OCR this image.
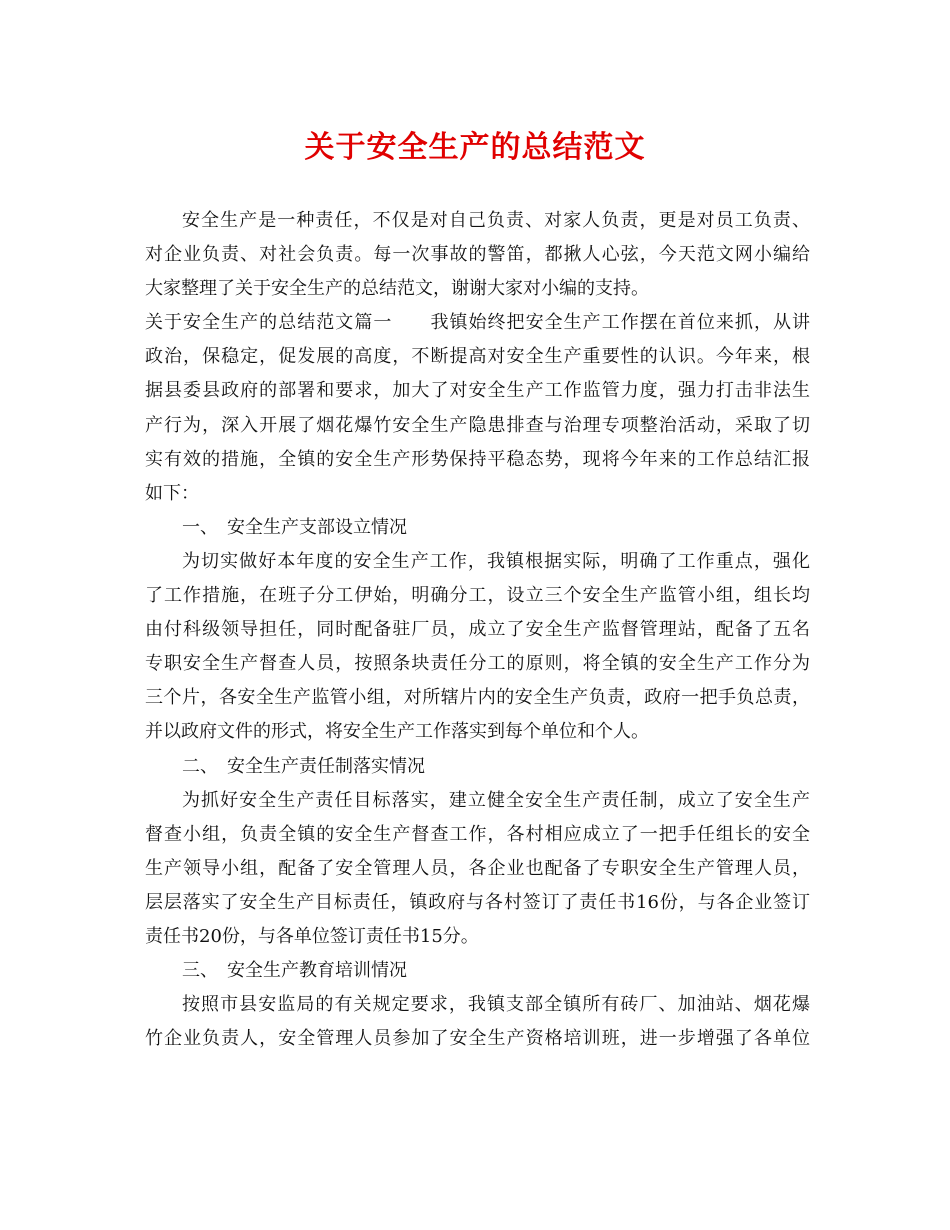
关于安全生产的总结范文

安全生产是一种责任，不仅是对自己负责、对家人负责，更是对员工负责、

对企业负责、对社会负责。每一次事故的警笛，都揪人心弦，今天范文网小编给

大家整理了关于安全生产的总结范文，谢谢大家对小编的支持。

关于安全生产的总结范文篇一　　我镇始终把安全生产工作摆在首位来抓，从讲

政治，保稳定，促发展的高度，不断提高对安全生产重要性的认识。今年来，根

据县委县政府的部署和要求，加大了对安全生产工作监管力度，强力打击非法生

产行为，深入开展了烟花爆竹安全生产隐患排查与治理专项整治活动，采取了切

实有效的措施，全镇的安全生产形势保持平稳态势，现将今年来的工作总结汇报

如下：

一、　安全生产支部设立情况

为切实做好本年度的安全生产工作，我镇根据实际，明确了工作重点，强化

了工作措施，在班子分工伊始，明确分工，设立三个安全生产监管小组，组长均

由付科级领导担任，同时配备驻厂员，成立了安全生产监督管理站，配备了五名

专职安全生产督查人员，按照条块责任分工的原则，将全镇的安全生产工作分为

三个片，各安全生产监管小组，对所辖片内的安全生产负责，政府一把手负总责，

并以政府文件的形式，将安全生产工作落实到每个单位和个人。

二、　安全生产责任制落实情况

为抓好安全生产责任目标落实，建立健全安全生产责任制，成立了安全生产

督查小组，负责全镇的安全生产督查工作，各村相应成立了一把手任组长的安全

生产领导小组，配备了安全管理人员，各企业也配备了专职安全生产管理人员，

层层落实了安全生产目标责任，镇政府与各村签订了责任书16份，与各企业签订

责任书20份，与各单位签订责任书15分。

三、　安全生产教育培训情况

按照市县安监局的有关规定要求，我镇支部全镇所有砖厂、加油站、烟花爆

竹企业负责人，安全管理人员参加了安全生产资格培训班，进一步增强了各单位
